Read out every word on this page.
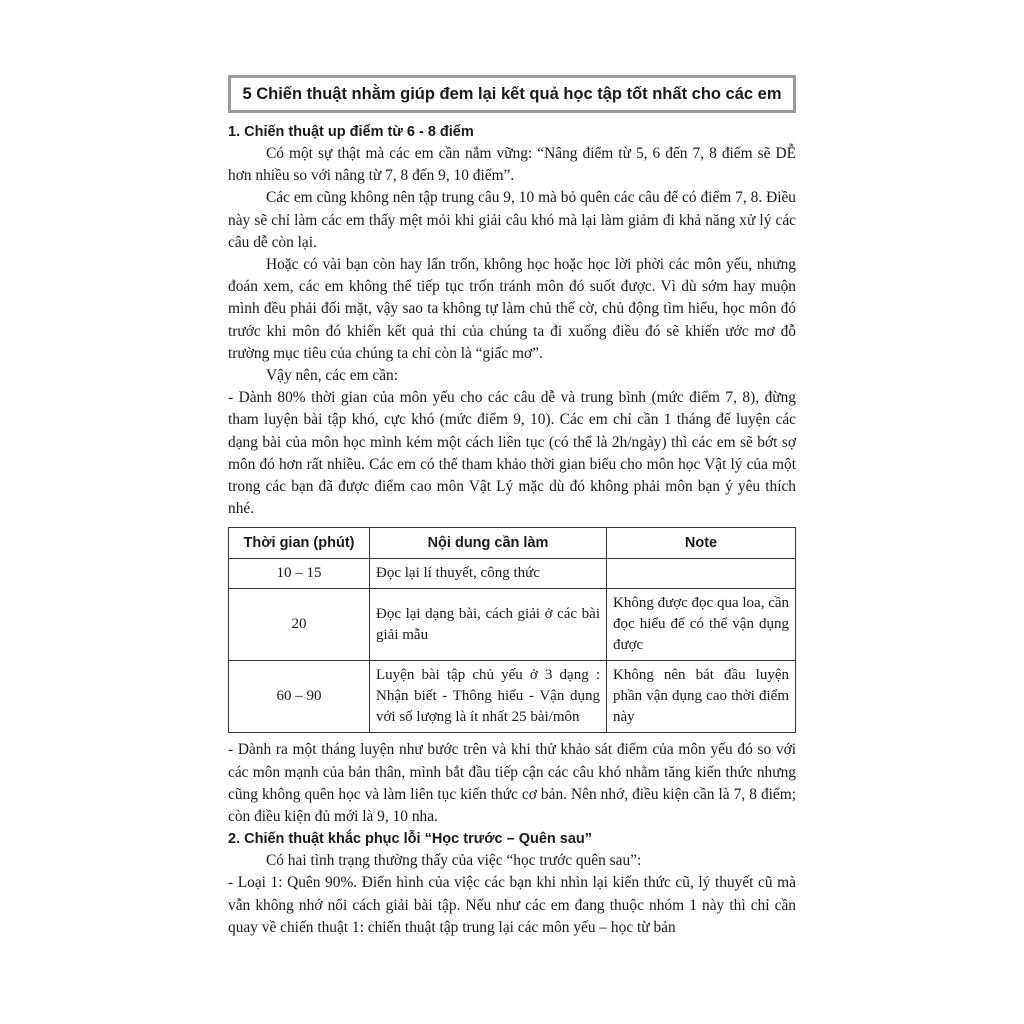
5 Chiến thuật nhằm giúp đem lại kết quả học tập tốt nhất cho các em
1. Chiến thuật up điểm từ 6 - 8 điểm

Có một sự thật mà các em cần nắm vững: “Nâng điểm từ 5, 6 đến 7, 8 điểm sẽ DỄ hơn nhiều so với nâng từ 7, 8 đến 9, 10 điểm”.

Các em cũng không nên tập trung câu 9, 10 mà bỏ quên các câu để có điểm 7, 8. Điều này sẽ chỉ làm các em thấy mệt mỏi khi giải câu khó mà lại làm giảm đi khả năng xử lý các câu dễ còn lại.

Hoặc có vài bạn còn hay lẩn trốn, không học hoặc học lời phời các môn yếu, nhưng đoán xem, các em không thể tiếp tục trốn tránh môn đó suốt được. Vì dù sớm hay muộn mình đều phải đối mặt, vậy sao ta không tự làm chủ thế cờ, chủ động tìm hiểu, học môn đó trước khi môn đó khiến kết quả thi của chúng ta đi xuống điều đó sẽ khiến ước mơ đỗ trường mục tiêu của chúng ta chỉ còn là “giấc mơ”.

Vậy nên, các em cần:

- Dành 80% thời gian của môn yếu cho các câu dễ và trung bình (mức điểm 7, 8), đừng tham luyện bài tập khó, cực khó (mức điểm 9, 10). Các em chỉ cần 1 tháng để luyện các dạng bài của môn học mình kém một cách liên tục (có thể là 2h/ngày) thì các em sẽ bớt sợ môn đó hơn rất nhiều. Các em có thể tham khảo thời gian biểu cho môn học Vật lý của một trong các bạn đã được điểm cao môn Vật Lý mặc dù đó không phải môn bạn ý yêu thích nhé.

Thời gian (phút)	Nội dung cần làm	Note
10 – 15	Đọc lại lí thuyết, công thức	
20	Đọc lại dạng bài, cách giải ở các bài giải mẫu	Không được đọc qua loa, cần đọc hiểu để có thể vận dụng được
60 – 90	Luyện bài tập chủ yếu ở 3 dạng : Nhận biết - Thông hiểu - Vận dụng với số lượng là ít nhất 25 bài/môn	Không nên bát đầu luyện phần vận dụng cao thời điểm này

- Dành ra một tháng luyện như bước trên và khi thử khảo sát điểm của môn yếu đó so với các môn mạnh của bản thân, mình bắt đầu tiếp cận các câu khó nhằm tăng kiến thức nhưng cũng không quên học và làm liên tục kiến thức cơ bản. Nên nhớ, điều kiện cần là 7, 8 điểm; còn điều kiện đủ mới là 9, 10 nha.

2. Chiến thuật khắc phục lỗi “Học trước – Quên sau”

Có hai tình trạng thường thấy của việc “học trước quên sau”:

- Loại 1: Quên 90%. Điển hình của việc các bạn khi nhìn lại kiến thức cũ, lý thuyết cũ mà vẫn không nhớ nổi cách giải bài tập. Nếu như các em đang thuộc nhóm 1 này thì chỉ cần quay về chiến thuật 1: chiến thuật tập trung lại các môn yếu – học từ bản
